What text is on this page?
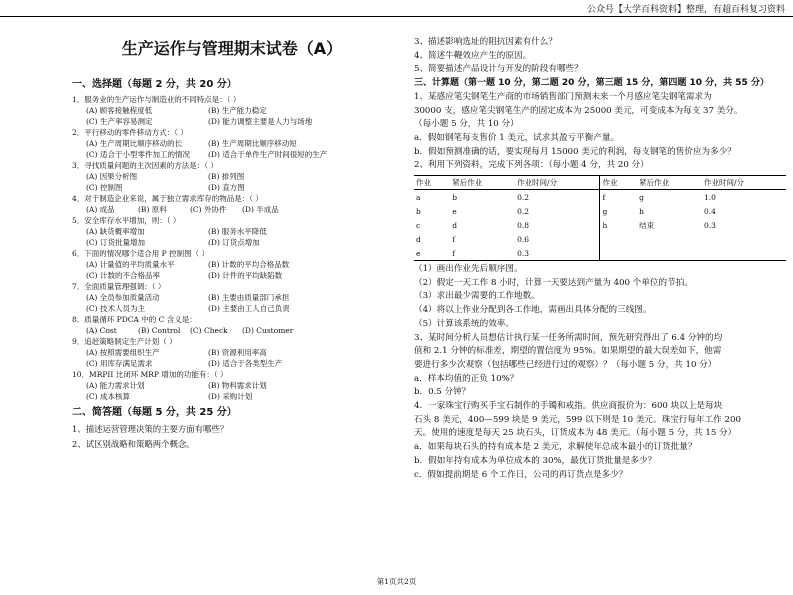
公众号【大学百科资料】整理，有超百科复习资料
生产运作与管理期末试卷（A）
一、选择题（每题 2 分，共 20 分）
1．服务业的生产运作与制造业的不同特点是：（ ）
(A) 顾客接触程度低	(B) 生产能力稳定
(C) 生产率容易测定	(D) 能力调整主要是人力与场地
2．平行移动的零件移动方式：（ ）
(A) 生产周期比顺序移动的长	(B) 生产周期比顺序移动短
(C) 适合于小型零件加工的情况	(D) 适合于单件生产时间很短的生产
3．寻找质量问题的主次因素的方法是：（ ）
(A) 因果分析图	(B) 排列图
(C) 控制图	(D) 直方图
4．对于制造企业来说，属于独立需求库存的物品是：（ ）
(A) 成品	(B) 原料	(C) 外协件	(D) 半成品
5．安全库存水平增加，则：（ ）
(A) 缺货概率增加	(B) 服务水平降低
(C) 订货批量增加	(D) 订货点增加
6．下面的情况哪个适合用 P 控制图（ ）
(A) 计量值的平均质量水平	(B) 计数的平均合格品数
(C) 计数的不合格品率	(D) 计件的平均缺陷数
7．全面质量管理强调：（ ）
(A) 全员参加质量活动	(B) 主要由质量部门承担
(C) 技术人员为主	(D) 主要由工人自己负责
8．质量循环 PDCA 中的 C 含义是：
(A) Cost	(B) Control	(C) Check	(D) Customer
9．追赶策略制定生产计划（ ）
(A) 按照需要组织生产	(B) 资源利用率高
(C) 用库存满足需求	(D) 适合于各类型生产
10．MRPII 比闭环 MRP 增加的功能有：（ ）
(A) 能力需求计划	(B) 物料需求计划
(C) 成本核算	(D) 采购计划
二、简答题（每题 5 分，共 25 分）
1、描述运营管理决策的主要方面有哪些？
2、试区别战略和策略两个概念。
3、描述影响选址的阻抗因素有什么？
4、简述牛鞭效应产生的原因。
5、简要描述产品设计与开发的阶段有哪些？
三、计算题（第一题 10 分，第二题 20 分，第三题 15 分，第四题 10 分，共 55 分）
1、某感应笔尖钢笔生产商的市场销售部门预测未来一个月感应笔尖钢笔需求为
30000 支，感应笔尖钢笔生产的固定成本为 25000 美元，可变成本为每支 37 美分。
（每小题 5 分，共 10 分）
a．假如钢笔每支售价 1 美元，试求其盈亏平衡产量。
b．假如预测准确的话，要实现每月 15000 美元的利润，每支钢笔的售价应为多少？
2、利用下列资料，完成下列各项：（每小题 4 分，共 20 分）
作业	紧后作业	作业时间/分	作业	紧后作业	作业时间/分
a	b	0.2	f	g	1.0
b	e	0.2	g	h	0.4
c	d	0.8	h	结束	0.3
d	f	0.6			
e	f	0.3			
（1）画出作业先后顺序图。
（2）假定一天工作 8 小时，计算一天要达到产量为 400 个单位的节拍。
（3）求出最少需要的工作地数。
（4）将以上作业分配到各工作地，需画出具体分配的三线图。
（5）计算该系统的效率。
3、某时间分析人员想估计执行某一任务所需时间，预先研究得出了 6.4 分钟的均
值和 2.1 分钟的标准差，期望的置信度为 95%。如果期望的最大误差如下，他需
要进行多少次观察（包括哪些已经进行过的观察）？（每小题 5 分，共 10 分）
a．样本均值的正负 10%？
b．0.5 分钟？
4．一家珠宝行购买手宝石制作的手镯和戒指。供应商报价为：600 块以上是每块
石头 8 美元，400—599 块是 9 美元，599 以下则是 10 美元。珠宝行每年工作 200
天。使用的速度是每天 25 块石头，订货成本为 48 美元。（每小题 5 分，共 15 分）
a．如果每块石头的持有成本是 2 美元，求解使年总成本最小的订货批量？
b．假如年持有成本为单位成本的 30%，最优订货批量是多少？
c．假如提前期是 6 个工作日，公司的再订货点是多少？
第1页共2页
